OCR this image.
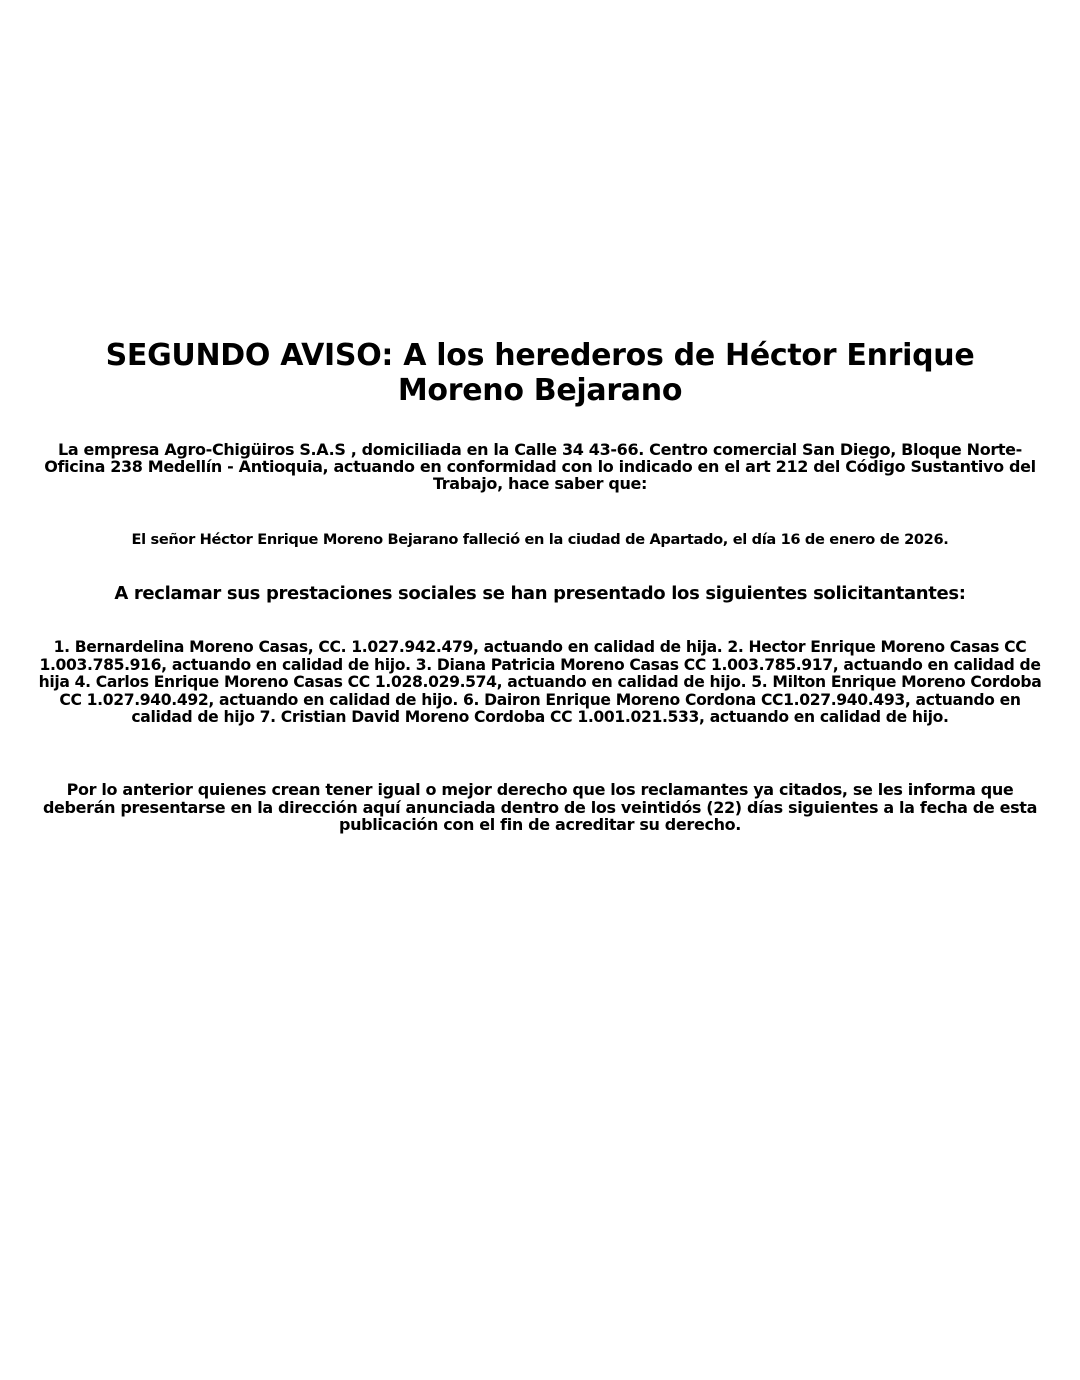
SEGUNDO AVISO: A los herederos de Héctor Enrique Moreno Bejarano

La empresa Agro-Chigüiros S.A.S , domiciliada en la Calle 34 43-66. Centro comercial San Diego, Bloque Norte-Oficina 238 Medellín - Antioquia, actuando en conformidad con lo indicado en el art 212 del Código Sustantivo del Trabajo, hace saber que:

El señor Héctor Enrique Moreno Bejarano falleció en la ciudad de Apartado, el día 16 de enero de 2026.

A reclamar sus prestaciones sociales se han presentado los siguientes solicitantantes:

1. Bernardelina Moreno Casas, CC. 1.027.942.479, actuando en calidad de hija. 2. Hector Enrique Moreno Casas CC 1.003.785.916, actuando en calidad de hijo. 3. Diana Patricia Moreno Casas CC 1.003.785.917, actuando en calidad de hija 4. Carlos Enrique Moreno Casas CC 1.028.029.574, actuando en calidad de hijo. 5. Milton Enrique Moreno Cordoba CC 1.027.940.492, actuando en calidad de hijo. 6. Dairon Enrique Moreno Cordona CC1.027.940.493, actuando en calidad de hijo 7. Cristian David Moreno Cordoba CC 1.001.021.533, actuando en calidad de hijo.

Por lo anterior quienes crean tener igual o mejor derecho que los reclamantes ya citados, se les informa que deberán presentarse en la dirección aquí anunciada dentro de los veintidós (22) días siguientes a la fecha de esta publicación con el fin de acreditar su derecho.
